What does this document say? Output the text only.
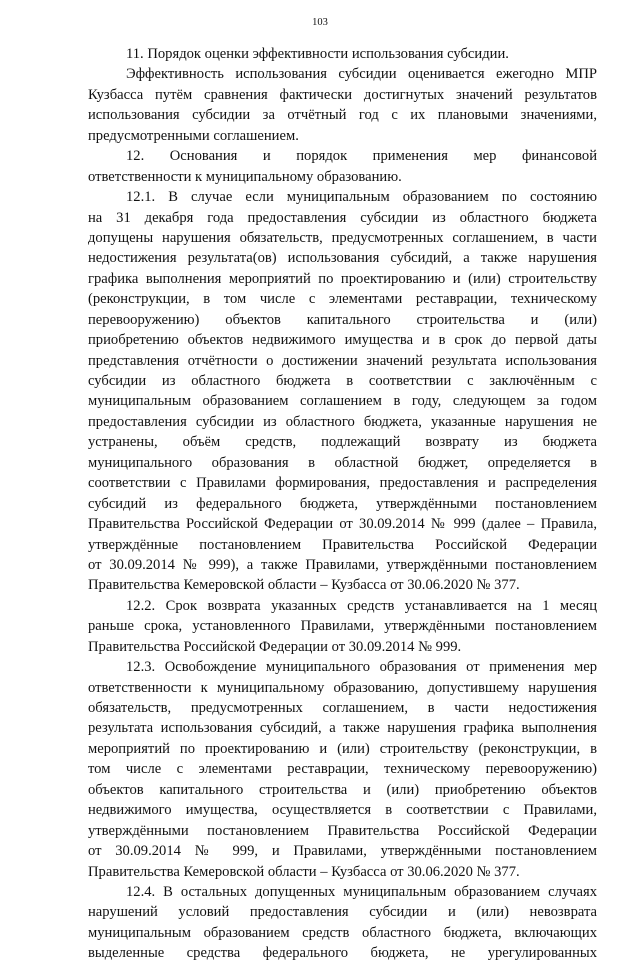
103
11. Порядок оценки эффективности использования субсидии.
Эффективность использования субсидии оценивается ежегодно МПР
Кузбасса путём сравнения фактически достигнутых значений результатов
использования субсидии за отчётный год с их плановыми значениями,
предусмотренными соглашением.
12. Основания и порядок применения мер финансовой
ответственности к муниципальному образованию.
12.1. В случае если муниципальным образованием по состоянию
на 31 декабря года предоставления субсидии из областного бюджета
допущены нарушения обязательств, предусмотренных соглашением, в части
недостижения результата(ов) использования субсидий, а также нарушения
графика выполнения мероприятий по проектированию и (или) строительству
(реконструкции, в том числе с элементами реставрации, техническому
перевооружению) объектов капитального строительства и (или)
приобретению объектов недвижимого имущества и в срок до первой даты
представления отчётности о достижении значений результата использования
субсидии из областного бюджета в соответствии с заключённым с
муниципальным образованием соглашением в году, следующем за годом
предоставления субсидии из областного бюджета, указанные нарушения не
устранены, объём средств, подлежащий возврату из бюджета
муниципального образования в областной бюджет, определяется в
соответствии с Правилами формирования, предоставления и распределения
субсидий из федерального бюджета, утверждёнными постановлением
Правительства Российской Федерации от 30.09.2014 № 999 (далее – Правила,
утверждённые постановлением Правительства Российской Федерации
от 30.09.2014 № 999), а также Правилами, утверждёнными постановлением
Правительства Кемеровской области – Кузбасса от 30.06.2020 № 377.
12.2. Срок возврата указанных средств устанавливается на 1 месяц
раньше срока, установленного Правилами, утверждёнными постановлением
Правительства Российской Федерации от 30.09.2014 № 999.
12.3. Освобождение муниципального образования от применения мер
ответственности к муниципальному образованию, допустившему нарушения
обязательств, предусмотренных соглашением, в части недостижения
результата использования субсидий, а также нарушения графика выполнения
мероприятий по проектированию и (или) строительству (реконструкции, в
том числе с элементами реставрации, техническому перевооружению)
объектов капитального строительства и (или) приобретению объектов
недвижимого имущества, осуществляется в соответствии с Правилами,
утверждёнными постановлением Правительства Российской Федерации
от 30.09.2014 № 999, и Правилами, утверждёнными постановлением
Правительства Кемеровской области – Кузбасса от 30.06.2020 № 377.
12.4. В остальных допущенных муниципальным образованием случаях
нарушений условий предоставления субсидии и (или) невозврата
муниципальным образованием средств областного бюджета, включающих
выделенные средства федерального бюджета, не урегулированных
